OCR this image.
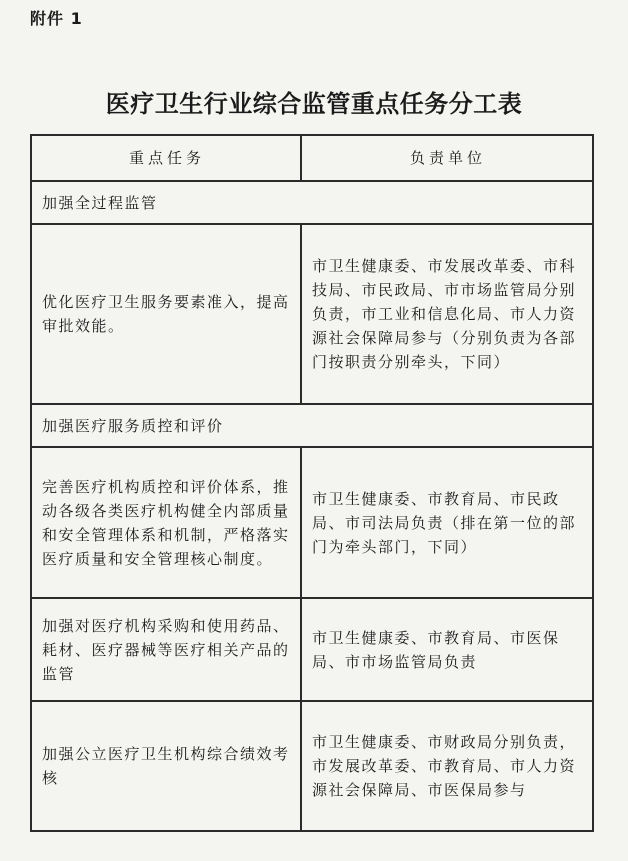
附件 1
医疗卫生行业综合监管重点任务分工表
重点任务	负责单位
加强全过程监管	
优化医疗卫生服务要素准入，提高审批效能。	市卫生健康委、市发展改革委、市科技局、市民政局、市市场监管局分别负责，市工业和信息化局、市人力资源社会保障局参与（分别负责为各部门按职责分别牵头，下同）
加强医疗服务质控和评价	
完善医疗机构质控和评价体系，推动各级各类医疗机构健全内部质量和安全管理体系和机制，严格落实医疗质量和安全管理核心制度。	市卫生健康委、市教育局、市民政局、市司法局负责（排在第一位的部门为牵头部门，下同）
加强对医疗机构采购和使用药品、耗材、医疗器械等医疗相关产品的监管	市卫生健康委、市教育局、市医保局、市市场监管局负责
加强公立医疗卫生机构综合绩效考核	市卫生健康委、市财政局分别负责，市发展改革委、市教育局、市人力资源社会保障局、市医保局参与
